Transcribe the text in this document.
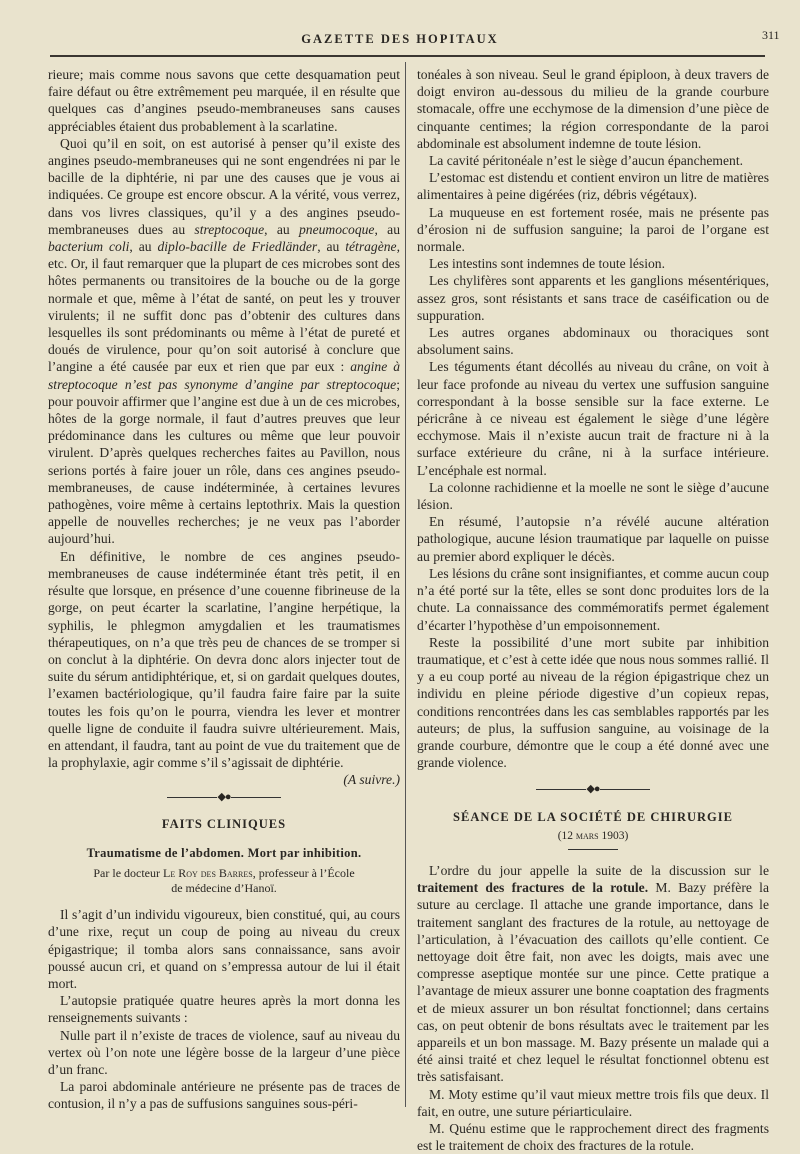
GAZETTE DES HOPITAUX	311

rieure; mais comme nous savons que cette desquamation peut faire défaut ou être extrêmement peu marquée, il en résulte que quelques cas d’angines pseudo-membraneuses sans causes appréciables étaient dus probablement à la scarlatine.

Quoi qu’il en soit, on est autorisé à penser qu’il existe des angines pseudo-membraneuses qui ne sont engendrées ni par le bacille de la diphtérie, ni par une des causes que je vous ai indiquées. Ce groupe est encore obscur. A la vérité, vous verrez, dans vos livres classiques, qu’il y a des angines pseudo-membraneuses dues au streptocoque, au pneumocoque, au bacterium coli, au diplo-bacille de Friedländer, au tétragène, etc. Or, il faut remarquer que la plupart de ces microbes sont des hôtes permanents ou transitoires de la bouche ou de la gorge normale et que, même à l’état de santé, on peut les y trouver virulents; il ne suffit donc pas d’obtenir des cultures dans lesquelles ils sont prédominants ou même à l’état de pureté et doués de virulence, pour qu’on soit autorisé à conclure que l’angine a été causée par eux et rien que par eux : angine à streptocoque n’est pas synonyme d’angine par streptocoque; pour pouvoir affirmer que l’angine est due à un de ces microbes, hôtes de la gorge normale, il faut d’autres preuves que leur prédominance dans les cultures ou même que leur pouvoir virulent. D’après quelques recherches faites au Pavillon, nous serions portés à faire jouer un rôle, dans ces angines pseudo-membraneuses, de cause indéterminée, à certaines levures pathogènes, voire même à certains leptothrix. Mais la question appelle de nouvelles recherches; je ne veux pas l’aborder aujourd’hui.

En définitive, le nombre de ces angines pseudo-membraneuses de cause indéterminée étant très petit, il en résulte que lorsque, en présence d’une couenne fibrineuse de la gorge, on peut écarter la scarlatine, l’angine herpétique, la syphilis, le phlegmon amygdalien et les traumatismes thérapeutiques, on n’a que très peu de chances de se tromper si on conclut à la diphtérie. On devra donc alors injecter tout de suite du sérum antidiphtérique, et, si on gardait quelques doutes, l’examen bactériologique, qu’il faudra faire faire par la suite toutes les fois qu’on le pourra, viendra les lever et montrer quelle ligne de conduite il faudra suivre ultérieurement. Mais, en attendant, il faudra, tant au point de vue du traitement que de la prophylaxie, agir comme s’il s’agissait de diphtérie.
(A suivre.)

◆●
FAITS CLINIQUES
Traumatisme de l’abdomen. Mort par inhibition.
Par le docteur Le Roy des Barres, professeur à l’École
de médecine d’Hanoï.

Il s’agit d’un individu vigoureux, bien constitué, qui, au cours d’une rixe, reçut un coup de poing au niveau du creux épigastrique; il tomba alors sans connaissance, sans avoir poussé aucun cri, et quand on s’empressa autour de lui il était mort.

L’autopsie pratiquée quatre heures après la mort donna les renseignements suivants :

Nulle part il n’existe de traces de violence, sauf au niveau du vertex où l’on note une légère bosse de la largeur d’une pièce d’un franc.

La paroi abdominale antérieure ne présente pas de traces de contusion, il n’y a pas de suffusions sanguines sous-péri-

tonéales à son niveau. Seul le grand épiploon, à deux travers de doigt environ au-dessous du milieu de la grande courbure stomacale, offre une ecchymose de la dimension d’une pièce de cinquante centimes; la région correspondante de la paroi abdominale est absolument indemne de toute lésion.

La cavité péritonéale n’est le siège d’aucun épanchement.

L’estomac est distendu et contient environ un litre de matières alimentaires à peine digérées (riz, débris végétaux).

La muqueuse en est fortement rosée, mais ne présente pas d’érosion ni de suffusion sanguine; la paroi de l’organe est normale.

Les intestins sont indemnes de toute lésion.

Les chylifères sont apparents et les ganglions mésentériques, assez gros, sont résistants et sans trace de caséification ou de suppuration.

Les autres organes abdominaux ou thoraciques sont absolument sains.

Les téguments étant décollés au niveau du crâne, on voit à leur face profonde au niveau du vertex une suffusion sanguine correspondant à la bosse sensible sur la face externe. Le péricrâne à ce niveau est également le siège d’une légère ecchymose. Mais il n’existe aucun trait de fracture ni à la surface extérieure du crâne, ni à la surface intérieure. L’encéphale est normal.

La colonne rachidienne et la moelle ne sont le siège d’aucune lésion.

En résumé, l’autopsie n’a révélé aucune altération pathologique, aucune lésion traumatique par laquelle on puisse au premier abord expliquer le décès.

Les lésions du crâne sont insignifiantes, et comme aucun coup n’a été porté sur la tête, elles se sont donc produites lors de la chute. La connaissance des commémoratifs permet également d’écarter l’hypothèse d’un empoisonnement.

Reste la possibilité d’une mort subite par inhibition traumatique, et c’est à cette idée que nous nous sommes rallié. Il y a eu coup porté au niveau de la région épigastrique chez un individu en pleine période digestive d’un copieux repas, conditions rencontrées dans les cas semblables rapportés par les auteurs; de plus, la suffusion sanguine, au voisinage de la grande courbure, démontre que le coup a été donné avec une grande violence.

◆●
SÉANCE DE LA SOCIÉTÉ DE CHIRURGIE
(12 mars 1903)

L’ordre du jour appelle la suite de la discussion sur le traitement des fractures de la rotule. M. Bazy préfère la suture au cerclage. Il attache une grande importance, dans le traitement sanglant des fractures de la rotule, au nettoyage de l’articulation, à l’évacuation des caillots qu’elle contient. Ce nettoyage doit être fait, non avec les doigts, mais avec une compresse aseptique montée sur une pince. Cette pratique a l’avantage de mieux assurer une bonne coaptation des fragments et de mieux assurer un bon résultat fonctionnel; dans certains cas, on peut obtenir de bons résultats avec le traitement par les appareils et un bon massage. M. Bazy présente un malade qui a été ainsi traité et chez lequel le résultat fonctionnel obtenu est très satisfaisant.

M. Moty estime qu’il vaut mieux mettre trois fils que deux. Il fait, en outre, une suture périarticulaire.

M. Quénu estime que le rapprochement direct des fragments est le traitement de choix des fractures de la rotule.
